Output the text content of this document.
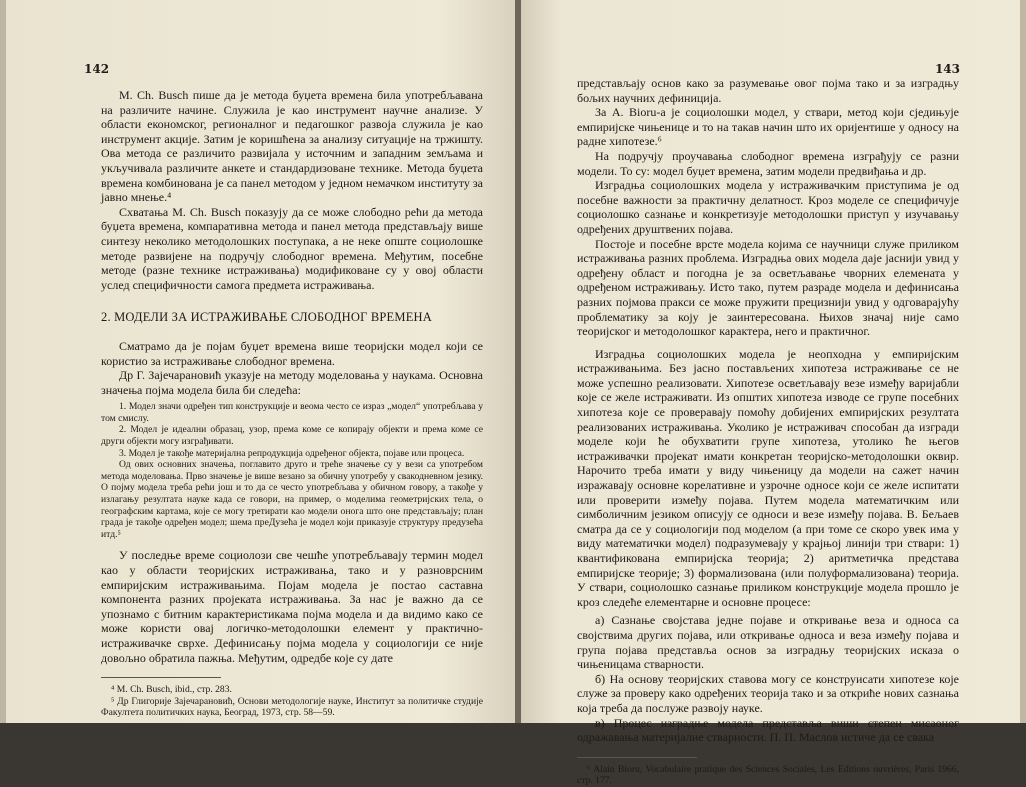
142

M. Ch. Busch пише да је метода буџета времена била употребљавана на различите начине. Служила је као инструмент научне анализе. У области економског, регионалног и педагошког развоја служила је као инструмент акције. Затим је коришћена за анализу ситуације на тржишту. Ова метода се различито развијала у источним и западним земљама и укључивала различите анкете и стандардизоване технике. Метода буџета времена комбинована је са панел методом у једном немачком институту за јавно мнење.⁴

Схватања M. Ch. Busch показују да се може слободно рећи да метода буџета времена, компаративна метода и панел метода представљају више синтезу неколико методолошких поступака, а не неке опште социолошке методе развијене на подручју слободног времена. Међутим, посебне методе (разне технике истраживања) модификоване су у овој области услед специфичности самога предмета истраживања.

2. МОДЕЛИ ЗА ИСТРАЖИВАЊЕ СЛОБОДНОГ ВРЕМЕНА

Сматрамо да је појам буџет времена више теоријски модел који се користио за истраживање слободног времена.

Др Г. Зајечарановић указује на методу моделовања у наукама. Основна значења појма модела била би следећа:

1. Модел значи одређен тип конструкције и веома често се израз „модел“ употребљава у том смислу.

2. Модел је идеални образац, узор, према коме се копирају објекти и према коме се други објекти могу изграђивати.

3. Модел је такође материјална репродукција одређеног објекта, појаве или процеса.

Од ових основних значења, поглавито друго и треће значење су у вези са употребом метода моделовања. Прво значење је више везано за обичну употребу у свакодневном језику. О појму модела треба рећи још и то да се често употребљава у обичном говору, а такође у излагању резултата науке када се говори, на пример, о моделима геометријских тела, о географским картама, које се могу третирати као модели онога што оне представљају; план града је такође одређен модел; шема преДузећа је модел који приказује структуру предузећа итд.⁵

У последње време социолози све чешће употребљавају термин модел као у области теоријских истраживања, тако и у разноврсним емпиријским истраживањима. Појам модела је постао саставна компонента разних пројеката истраживања. За нас је важно да се упознамо с битним карактеристикама појма модела и да видимо како се може користи овај логичко-методолошки елемент у практично-истраживачке сврхе. Дефинисању појма модела у социологији се није довољно обратила пажња. Међутим, одредбе које су дате

⁴ M. Ch. Busch, ibid., стр. 283.

⁵ Др Глигорије Зајечарановић, Основи методологије науке, Институт за политичке студије Факултета политичких наука, Београд, 1973, стр. 58—59.

143

представљају основ како за разумевање овог појма тако и за изградњу бољих научних дефиниција.

За А. Bioru-а је социолошки модел, у ствари, метод који сједињује емпиријске чињенице и то на такав начин што их оријентише у односу на радне хипотезе.⁶

На подручју проучавања слободног времена изграђују се разни модели. То су: модел буџет времена, затим модели предвиђања и др.

Изградња социолошких модела у истраживачким приступима је од посебне важности за практичну делатност. Кроз моделе се специфичује социолошко сазнање и конкретизује методолошки приступ у изучавању одређених друштвених појава.

Постоје и посебне врсте модела којима се научници служе приликом истраживања разних проблема. Изградња ових модела даје јаснији увид у одређену област и погодна је за осветљавање чворних елемената у одређеном истраживању. Исто тако, путем разраде модела и дефинисања разних појмова пракси се може пружити прецизнији увид у одговарајућу проблематику за коју је заинтересована. Њихов значај није само теоријског и методолошког карактера, него и практичног.

Изградња социолошких модела је неопходна у емпиријским истраживањима. Без јасно постављених хипотеза истраживање се не може успешно реализовати. Хипотезе осветљавају везе између варијабли које се желе истраживати. Из општих хипотеза изводе се групе посебних хипотеза које се проверавају помоћу добијених емпиријских резултата реализованих истраживања. Уколико је истраживач способан да изгради моделе који ће обухватити групе хипотеза, утолико ће његов истраживачки пројекат имати конкретан теоријско-методолошки оквир. Нарочито треба имати у виду чињеницу да модели на сажет начин изражавају основне корелативне и узрочне односе који се желе испитати или проверити између појава. Путем модела математичким или симболичним језиком описују се односи и везе између појава. В. Бељаев сматра да се у социологији под моделом (а при томе се скоро увек има у виду математички модел) подразумевају у крајњој линији три ствари: 1) квантификована емпиријска теорија; 2) аритметичка представа емпиријске теорије; 3) формализована (или полуформализована) теорија. У ствари, социолошко сазнање приликом конструкције модела прошло је кроз следеће елементарне и основне процесе:

а) Сазнање својстава једне појаве и откривање веза и односа са својствима других појава, или откривање односа и веза између појава и група појава представља основ за изградњу теоријских исказа о чињеницама стварности.

б) На основу теоријских ставова могу се конструисати хипотезе које служе за проверу како одређених теорија тако и за откриће нових сазнања која треба да послуже развоју науке.

в) Процес изградње модела представља виши степен мисаоног одражавања материјалне стварности. П. П. Маслов истиче да се свака

⁶ Alain Bioru, Vocabulaire pratique des Sciences Sociales, Les Editions ouvrières, Paris 1966, стр. 177.
